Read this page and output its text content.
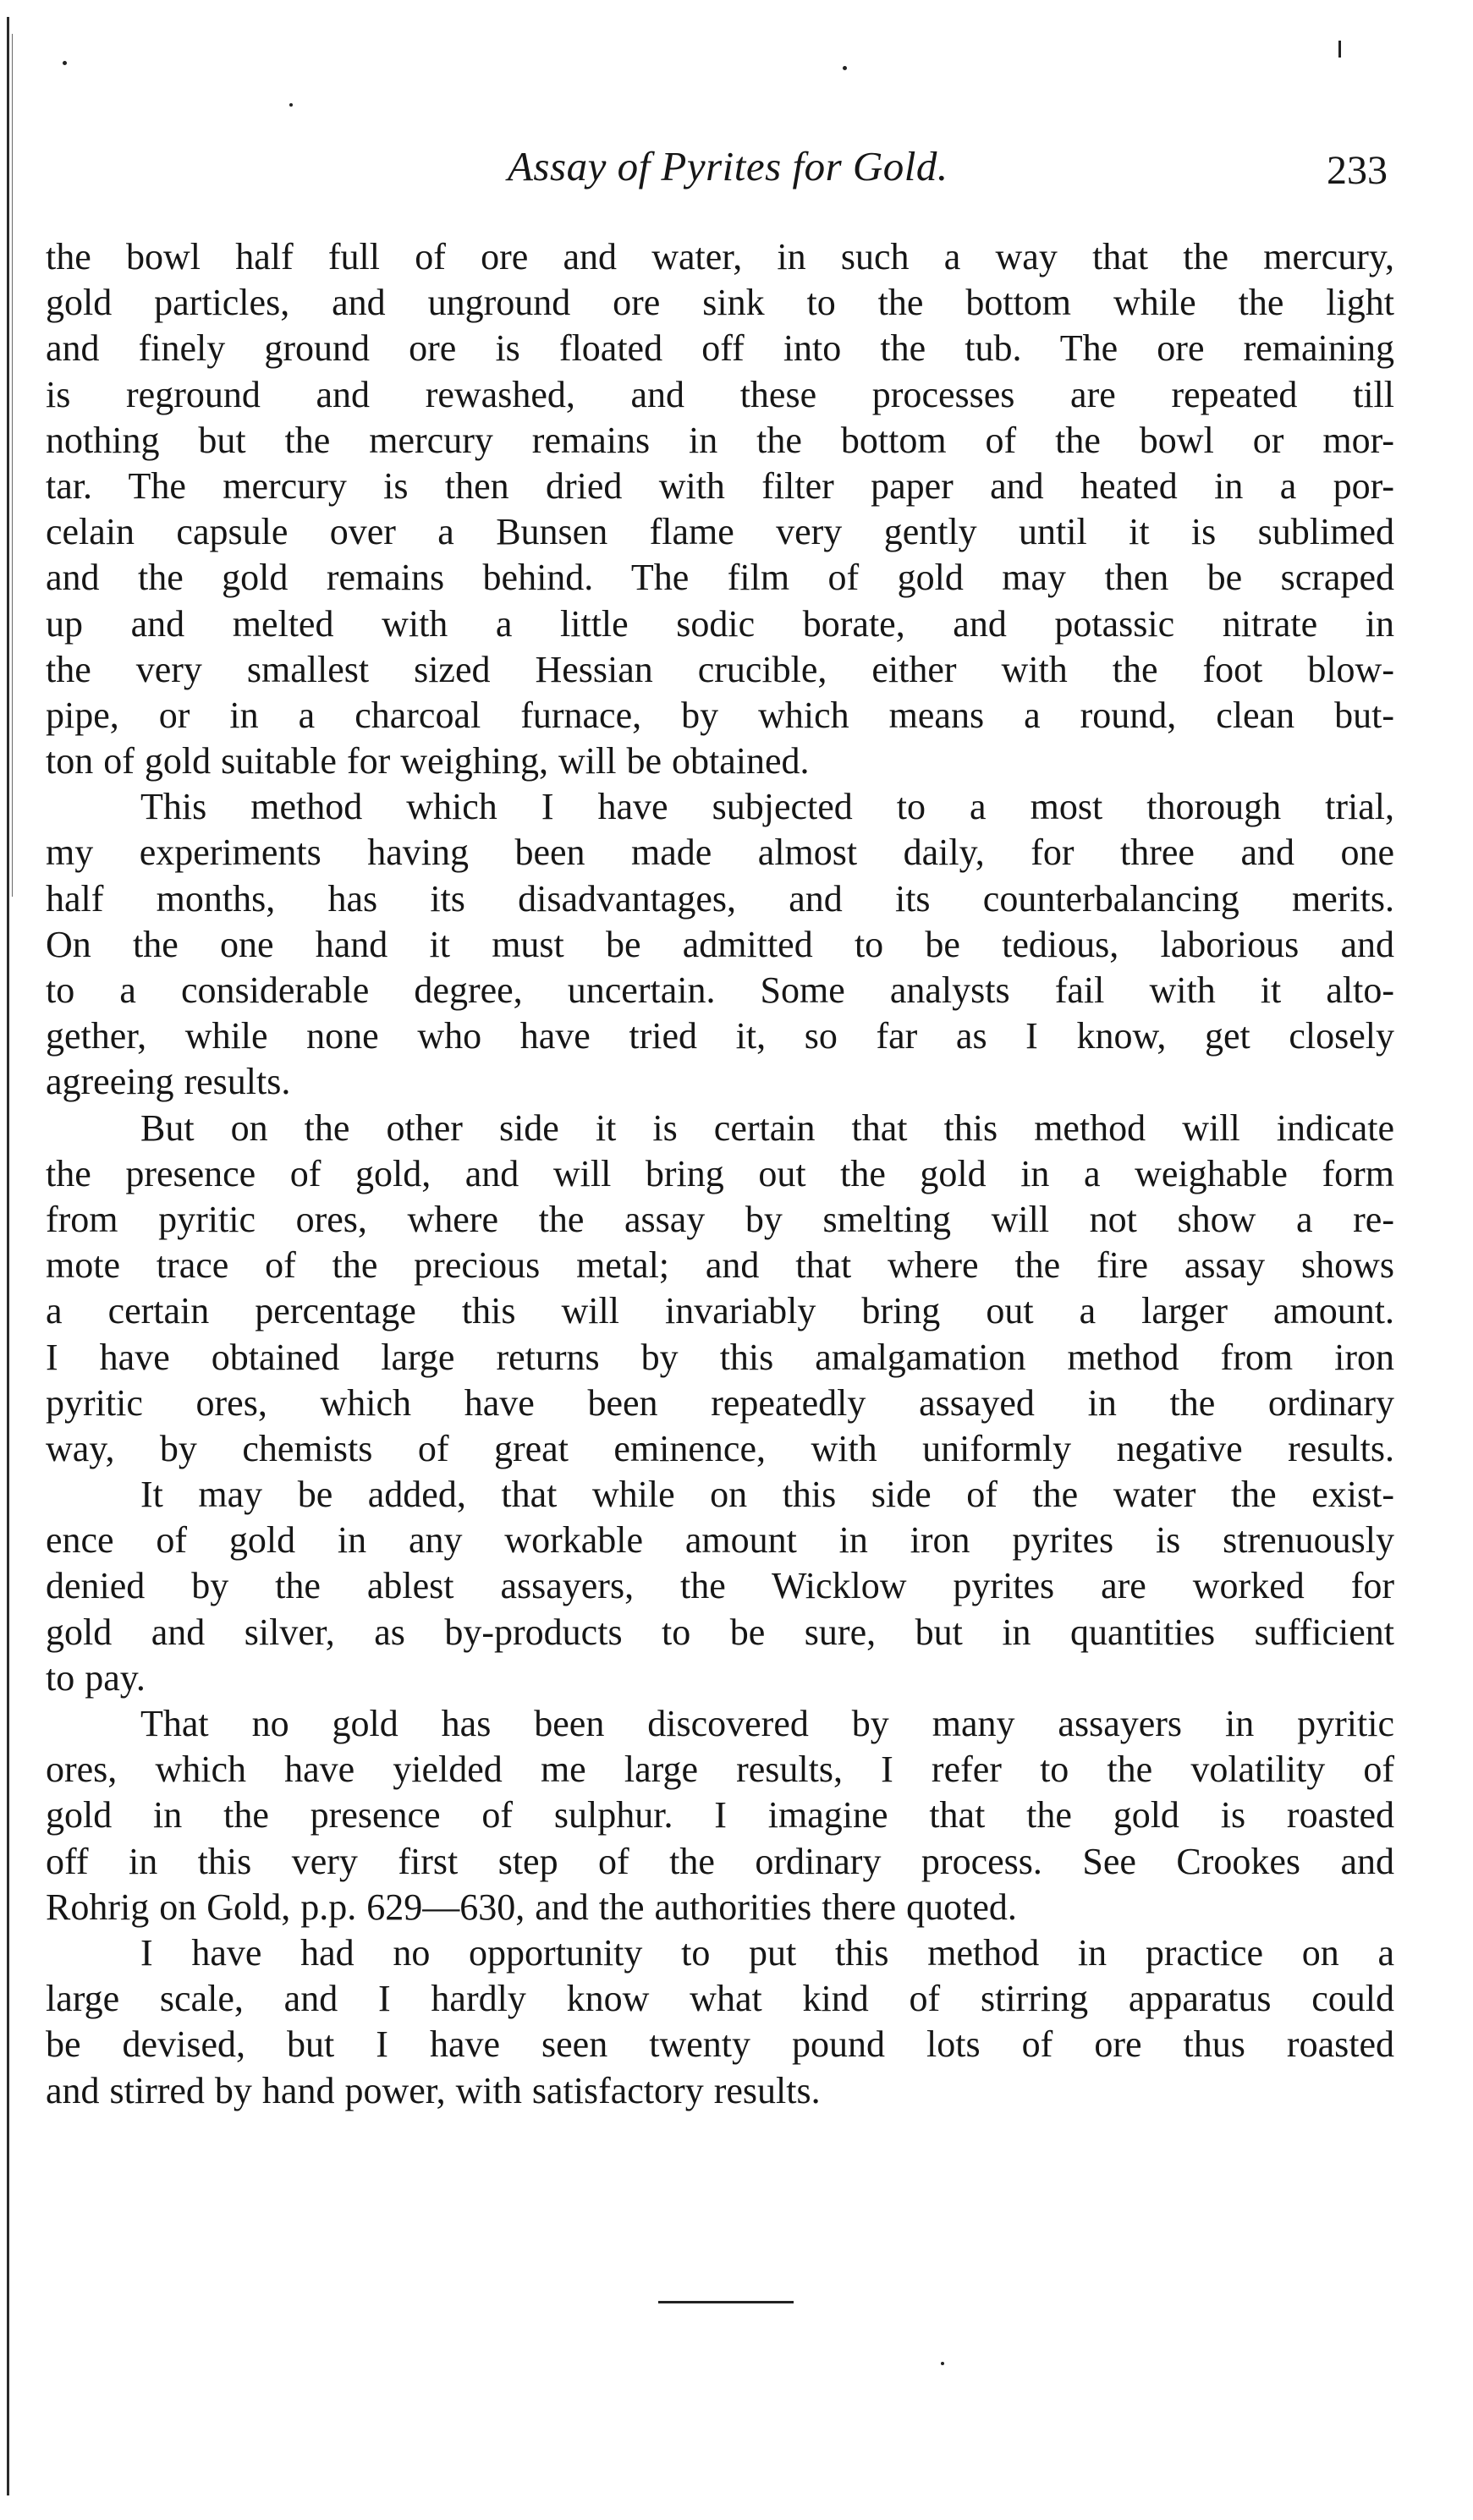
Assay of Pyrites for Gold.	233
the bowl half full of ore and water, in such a way that the mercury,
gold particles, and unground ore sink to the bottom while the light
and finely ground ore is floated off into the tub. The ore remaining
is reground and rewashed, and these processes are repeated till
nothing but the mercury remains in the bottom of the bowl or mor-
tar. The mercury is then dried with filter paper and heated in a por-
celain capsule over a Bunsen flame very gently until it is sublimed
and the gold remains behind. The film of gold may then be scraped
up and melted with a little sodic borate, and potassic nitrate in
the very smallest sized Hessian crucible, either with the foot blow-
pipe, or in a charcoal furnace, by which means a round, clean but-
ton of gold suitable for weighing, will be obtained.
This method which I have subjected to a most thorough trial,
my experiments having been made almost daily, for three and one
half months, has its disadvantages, and its counterbalancing merits.
On the one hand it must be admitted to be tedious, laborious and
to a considerable degree, uncertain. Some analysts fail with it alto-
gether, while none who have tried it, so far as I know, get closely
agreeing results.
But on the other side it is certain that this method will indicate
the presence of gold, and will bring out the gold in a weighable form
from pyritic ores, where the assay by smelting will not show a re-
mote trace of the precious metal; and that where the fire assay shows
a certain percentage this will invariably bring out a larger amount.
I have obtained large returns by this amalgamation method from iron
pyritic ores, which have been repeatedly assayed in the ordinary
way, by chemists of great eminence, with uniformly negative results.
It may be added, that while on this side of the water the exist-
ence of gold in any workable amount in iron pyrites is strenuously
denied by the ablest assayers, the Wicklow pyrites are worked for
gold and silver, as by-products to be sure, but in quantities sufficient
to pay.
That no gold has been discovered by many assayers in pyritic
ores, which have yielded me large results, I refer to the volatility of
gold in the presence of sulphur. I imagine that the gold is roasted
off in this very first step of the ordinary process. See Crookes and
Rohrig on Gold, p.p. 629—630, and the authorities there quoted.
I have had no opportunity to put this method in practice on a
large scale, and I hardly know what kind of stirring apparatus could
be devised, but I have seen twenty pound lots of ore thus roasted
and stirred by hand power, with satisfactory results.
